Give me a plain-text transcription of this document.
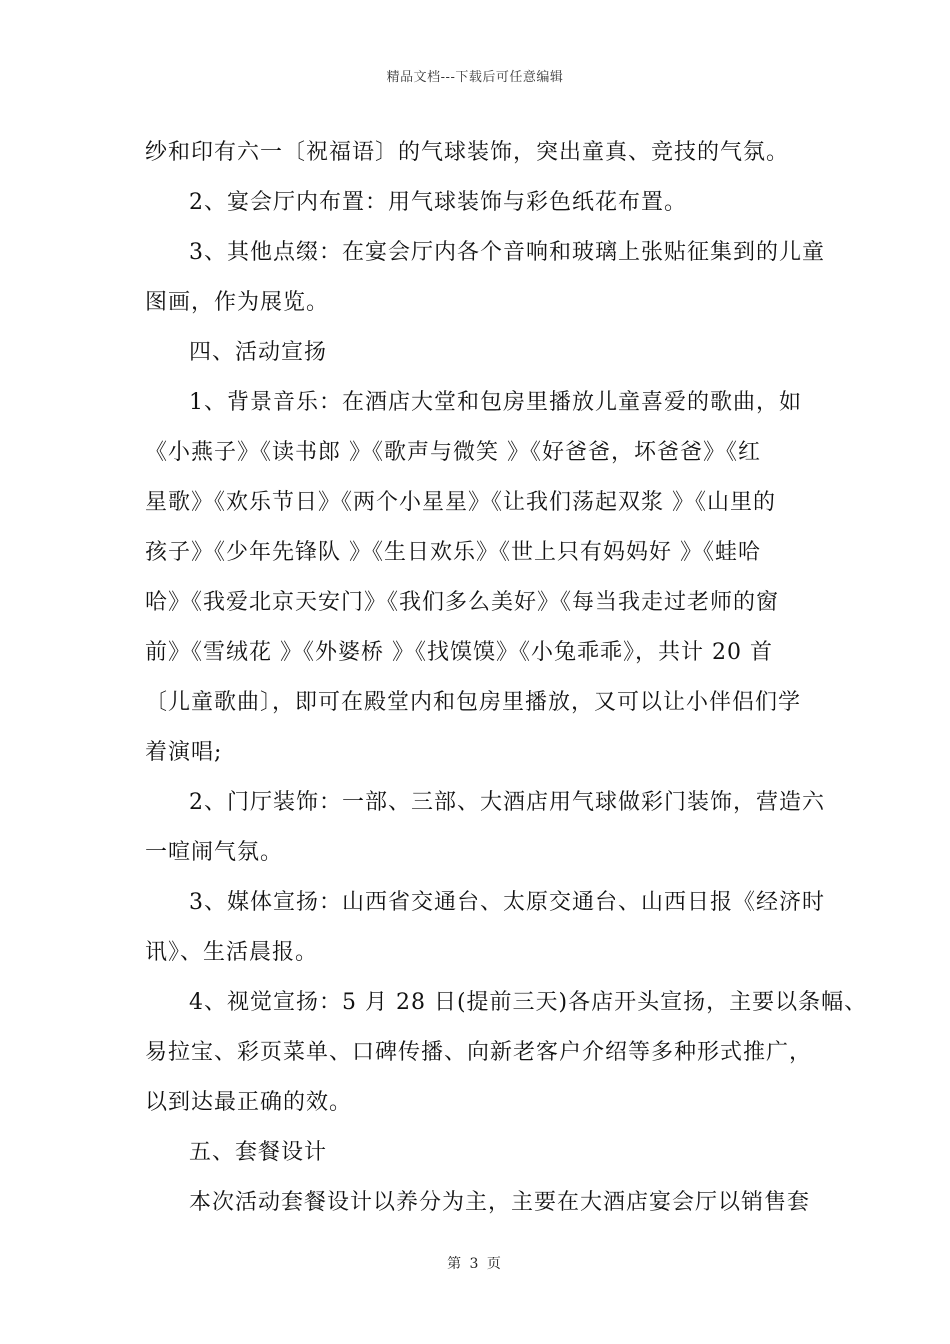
精品文档---下载后可任意编辑
纱和印有六一〔祝福语〕的气球装饰，突出童真、竞技的气氛。
2、宴会厅内布置：用气球装饰与彩色纸花布置。
3、其他点缀：在宴会厅内各个音响和玻璃上张贴征集到的儿童
图画，作为展览。
四、活动宣扬
1、背景音乐：在酒店大堂和包房里播放儿童喜爱的歌曲，如
《小燕子》《读书郎 》《歌声与微笑 》《好爸爸，坏爸爸》《红
星歌》《欢乐节日》《两个小星星》《让我们荡起双浆 》《山里的
孩子》《少年先锋队 》《生日欢乐》《世上只有妈妈好 》《蛙哈
哈》《我爱北京天安门》《我们多么美好》《每当我走过老师的窗
前》《雪绒花 》《外婆桥 》《找馍馍》《小兔乖乖》，共计 20 首
〔儿童歌曲〕，即可在殿堂内和包房里播放，又可以让小伴侣们学
着演唱;
2、门厅装饰：一部、三部、大酒店用气球做彩门装饰，营造六
一喧闹气氛。
3、媒体宣扬：山西省交通台、太原交通台、山西日报《经济时
讯》、生活晨报。
4、视觉宣扬：5 月 28 日(提前三天)各店开头宣扬，主要以条幅、
易拉宝、彩页菜单、口碑传播、向新老客户介绍等多种形式推广，
以到达最正确的效。
五、套餐设计
本次活动套餐设计以养分为主，主要在大酒店宴会厅以销售套
第 3 页
